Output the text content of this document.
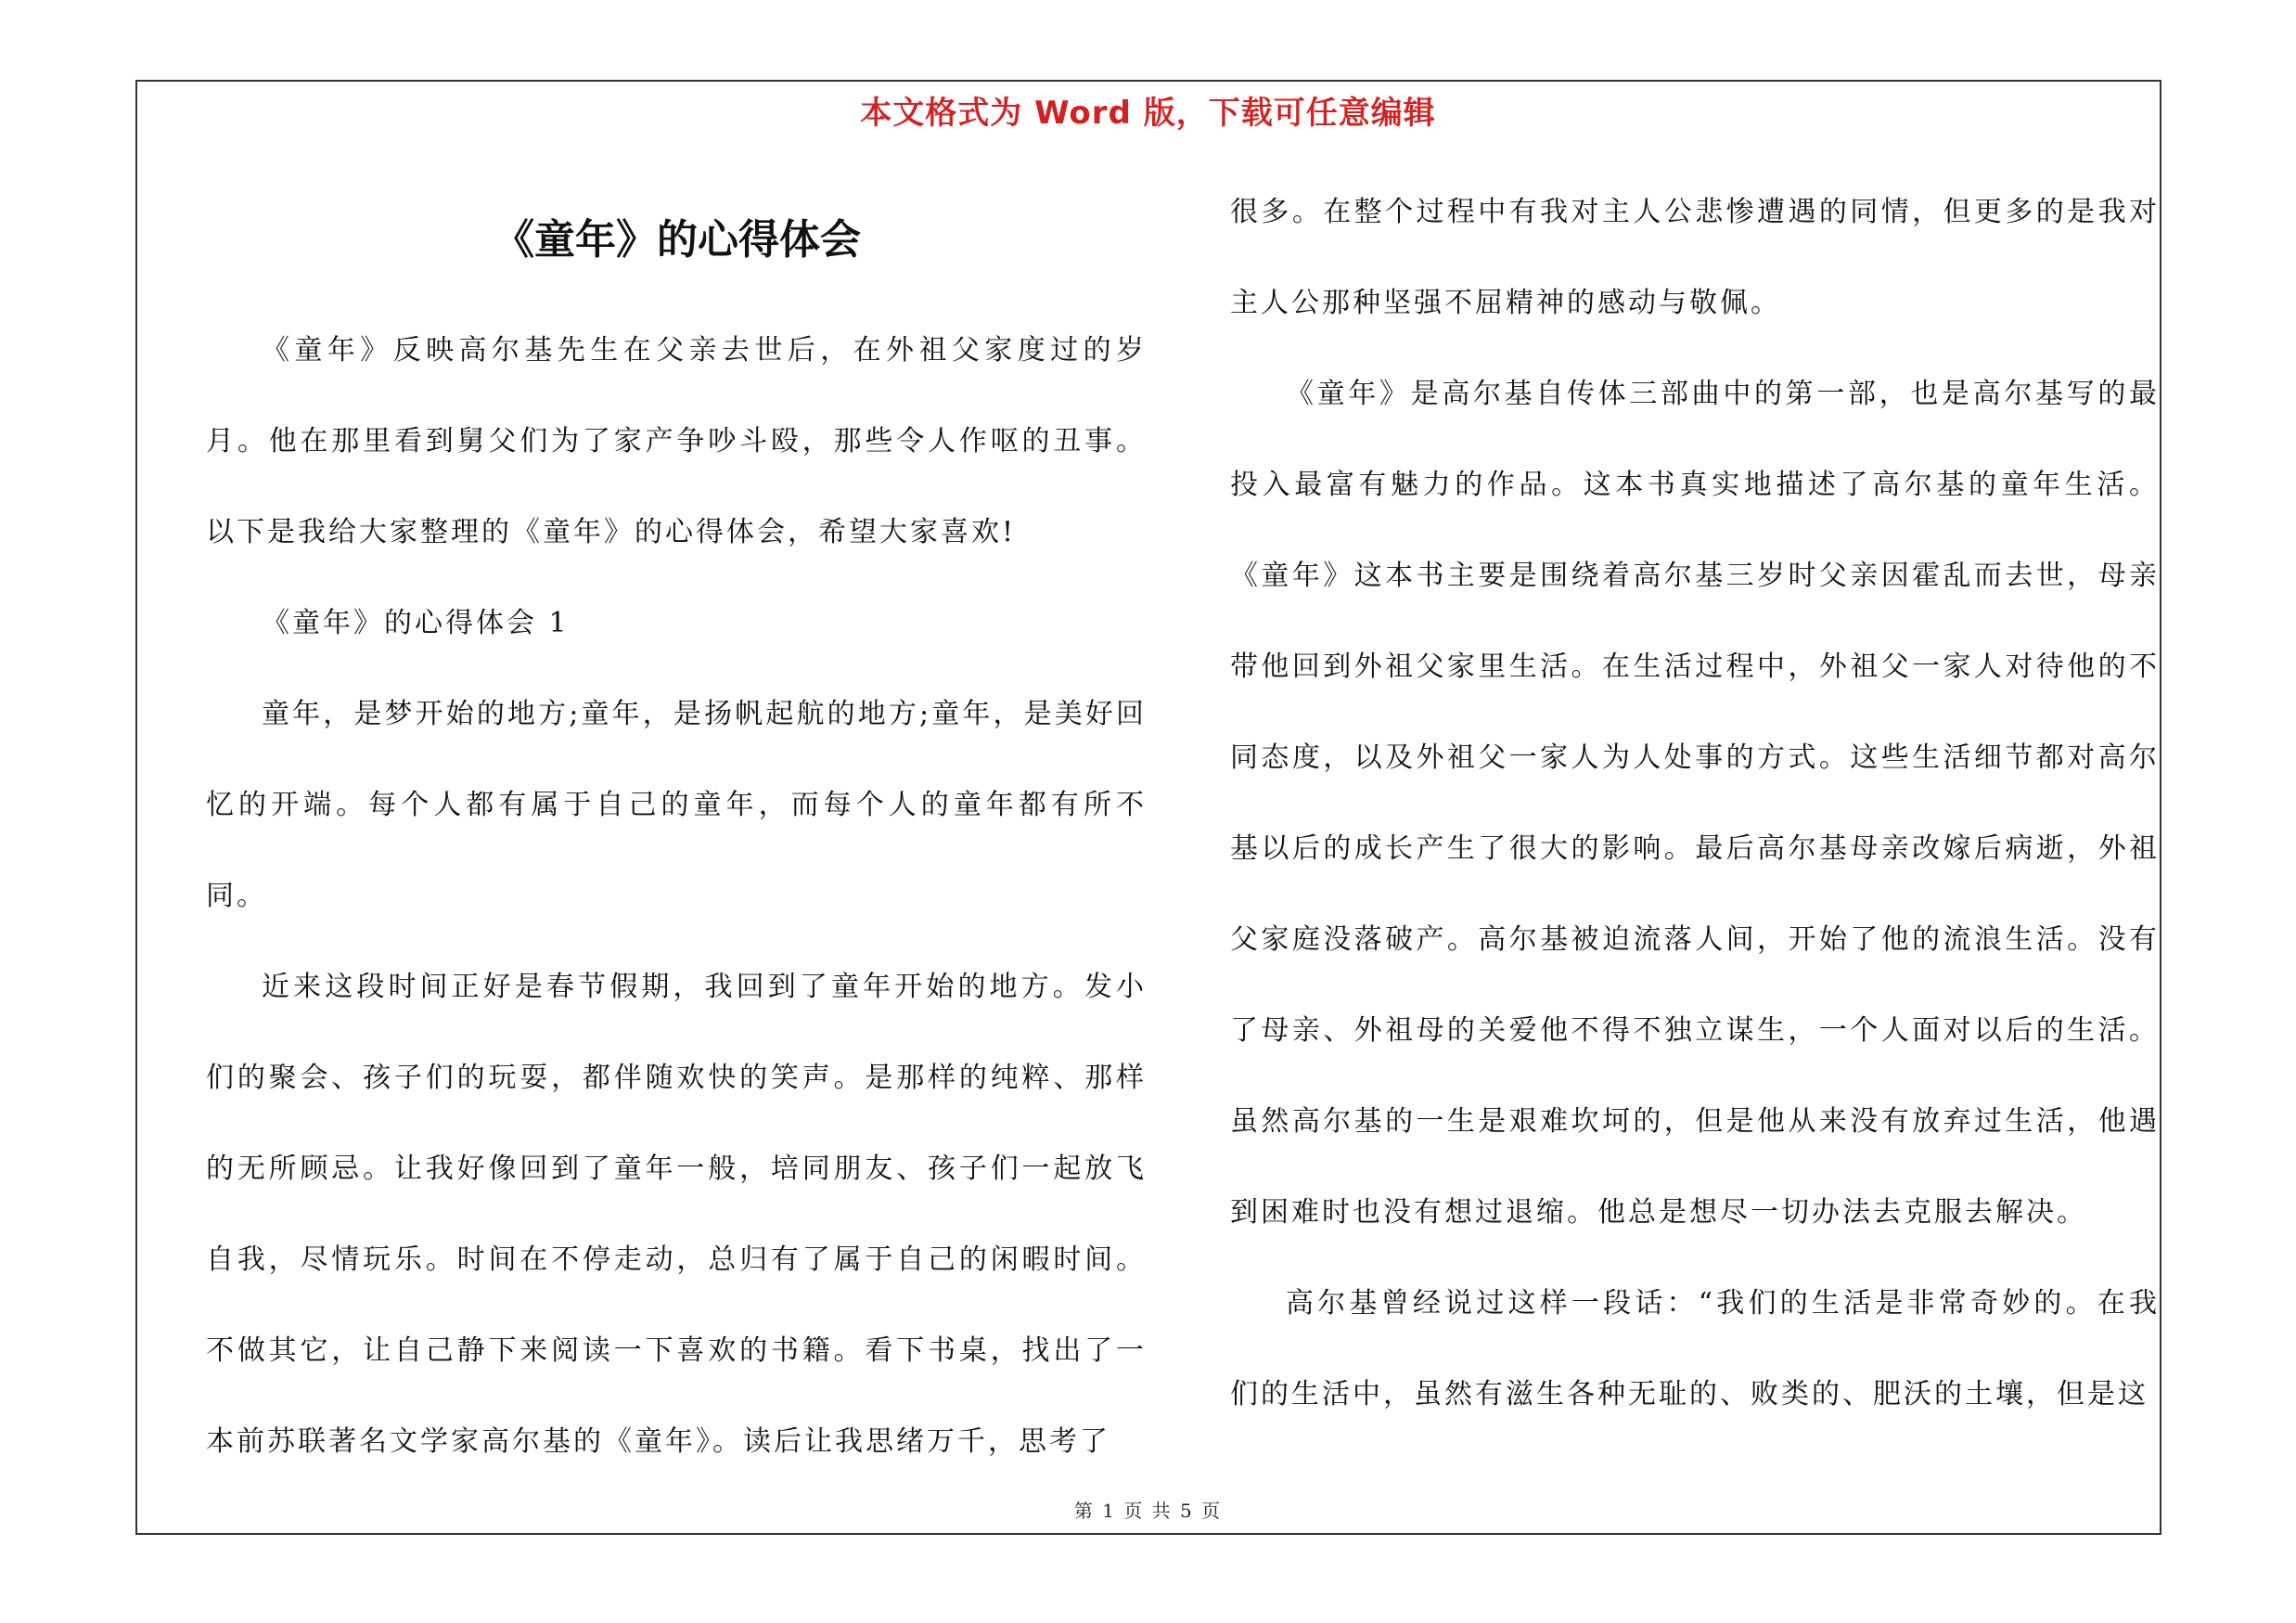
本文格式为 Word 版，下载可任意编辑
《童年》的心得体会

《童年》反映高尔基先生在父亲去世后，在外祖父家度过的岁月。他在那里看到舅父们为了家产争吵斗殴，那些令人作呕的丑事。以下是我给大家整理的《童年》的心得体会，希望大家喜欢!

《童年》的心得体会 1

童年，是梦开始的地方;童年，是扬帆起航的地方;童年，是美好回忆的开端。每个人都有属于自己的童年，而每个人的童年都有所不同。

近来这段时间正好是春节假期，我回到了童年开始的地方。发小们的聚会、孩子们的玩耍，都伴随欢快的笑声。是那样的纯粹、那样的无所顾忌。让我好像回到了童年一般，培同朋友、孩子们一起放飞自我，尽情玩乐。时间在不停走动，总归有了属于自己的闲暇时间。不做其它，让自己静下来阅读一下喜欢的书籍。看下书桌，找出了一本前苏联著名文学家高尔基的《童年》。读后让我思绪万千，思考了

很多。在整个过程中有我对主人公悲惨遭遇的同情，但更多的是我对主人公那种坚强不屈精神的感动与敬佩。

《童年》是高尔基自传体三部曲中的第一部，也是高尔基写的最投入最富有魅力的作品。这本书真实地描述了高尔基的童年生活。《童年》这本书主要是围绕着高尔基三岁时父亲因霍乱而去世，母亲带他回到外祖父家里生活。在生活过程中，外祖父一家人对待他的不同态度，以及外祖父一家人为人处事的方式。这些生活细节都对高尔基以后的成长产生了很大的影响。最后高尔基母亲改嫁后病逝，外祖父家庭没落破产。高尔基被迫流落人间，开始了他的流浪生活。没有了母亲、外祖母的关爱他不得不独立谋生，一个人面对以后的生活。虽然高尔基的一生是艰难坎坷的，但是他从来没有放弃过生活，他遇到困难时也没有想过退缩。他总是想尽一切办法去克服去解决。

高尔基曾经说过这样一段话：“我们的生活是非常奇妙的。在我们的生活中，虽然有滋生各种无耻的、败类的、肥沃的土壤，但是这

第 1 页 共 5 页
